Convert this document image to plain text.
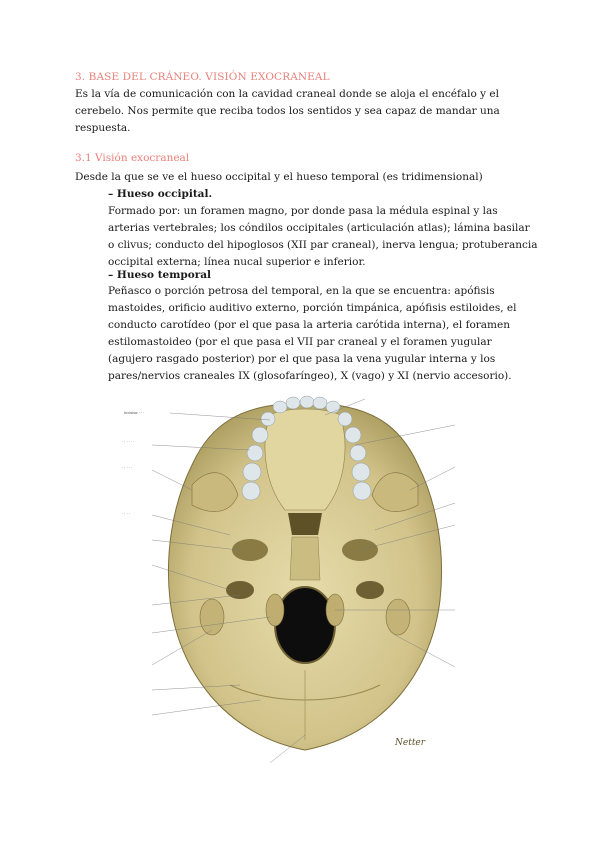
3. BASE DEL CRÁNEO. VISIÓN EXOCRANEAL
Es la vía de comunicación con la cavidad craneal donde se aloja el encéfalo y el cerebelo. Nos permite que reciba todos los sentidos y sea capaz de mandar una respuesta.
3.1 Visión exocraneal
Desde la que se ve el hueso occipital y el hueso temporal (es tridimensional)
– Hueso occipital.
Formado por: un foramen magno, por donde pasa la médula espinal y las arterias vertebrales; los cóndilos occipitales (articulación atlas); lámina basilar o clivus; conducto del hipoglosos (XII par craneal), inerva lengua; protuberancia occipital externa; línea nucal superior e inferior.
– Hueso temporal
Peñasco o porción petrosa del temporal, en la que se encuentra: apófisis mastoides, orificio auditivo externo, porción timpánica, apófisis estiloides, el conducto carotídeo (por el que pasa la arteria carótida interna), el foramen estilomastoideo (por el que pasa el VII par craneal y el foramen yugular (agujero rasgado posterior) por el que pasa la vena yugular interna y los pares/nervios craneales IX (glosofaríngeo), X (vago) y XI (nervio accesorio).
Incisivo · · ·
· · · · · ·
· · · · ·
· · · ·
Netter
